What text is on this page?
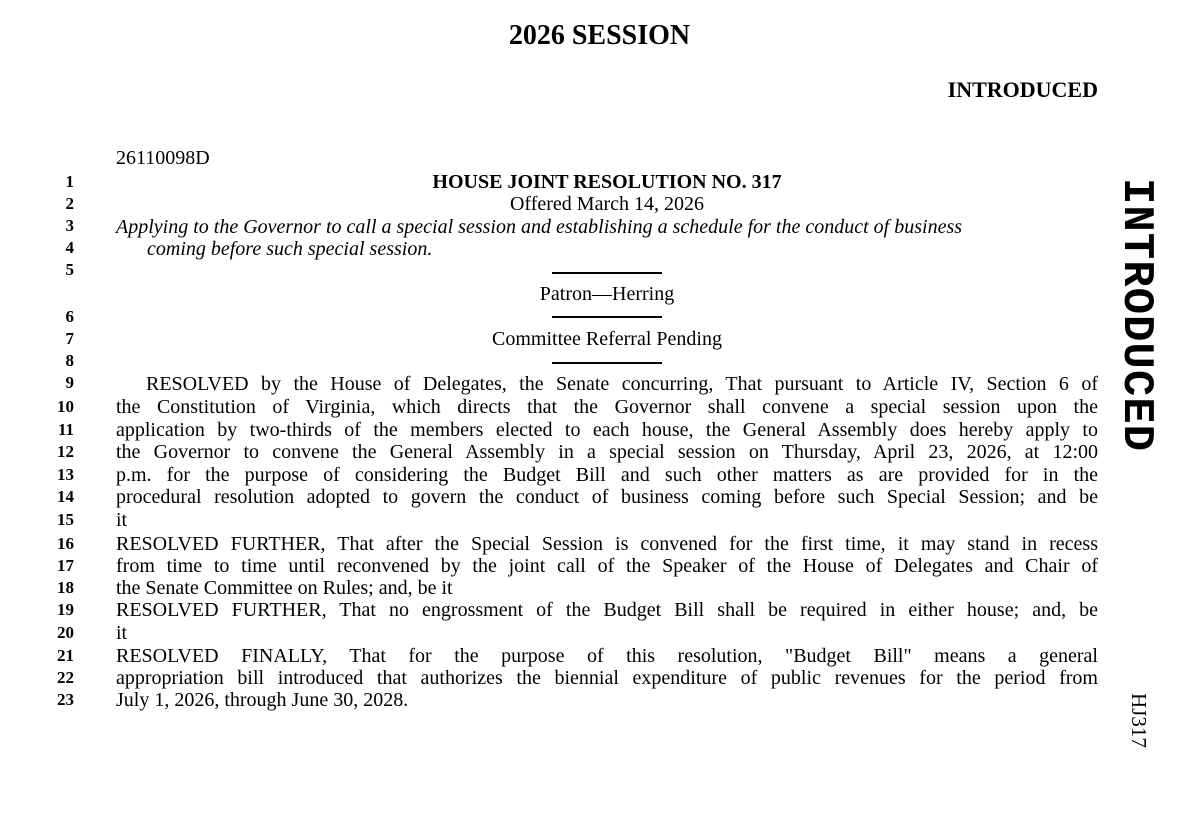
2026 SESSION
INTRODUCED
26110098D
1
2
3
4
5
6
7
8
9
10
11
12
13
14
15
16
17
18
19
20
21
22
23
HOUSE JOINT RESOLUTION NO. 317
Offered March 14, 2026
Applying to the Governor to call a special session and establishing a schedule for the conduct of business
coming before such special session.
Patron—Herring
Committee Referral Pending
RESOLVED by the House of Delegates, the Senate concurring, That pursuant to Article IV, Section 6 of
the Constitution of Virginia, which directs that the Governor shall convene a special session upon the
application by two-thirds of the members elected to each house, the General Assembly does hereby apply to
the Governor to convene the General Assembly in a special session on Thursday, April 23, 2026, at 12:00
p.m. for the purpose of considering the Budget Bill and such other matters as are provided for in the
procedural resolution adopted to govern the conduct of business coming before such Special Session; and be
it
RESOLVED FURTHER, That after the Special Session is convened for the first time, it may stand in recess
from time to time until reconvened by the joint call of the Speaker of the House of Delegates and Chair of
the Senate Committee on Rules; and, be it
RESOLVED FURTHER, That no engrossment of the Budget Bill shall be required in either house; and, be
it
RESOLVED FINALLY, That for the purpose of this resolution, "Budget Bill" means a general
appropriation bill introduced that authorizes the biennial expenditure of public revenues for the period from
July 1, 2026, through June 30, 2028.
INTRODUCED
HJ317
